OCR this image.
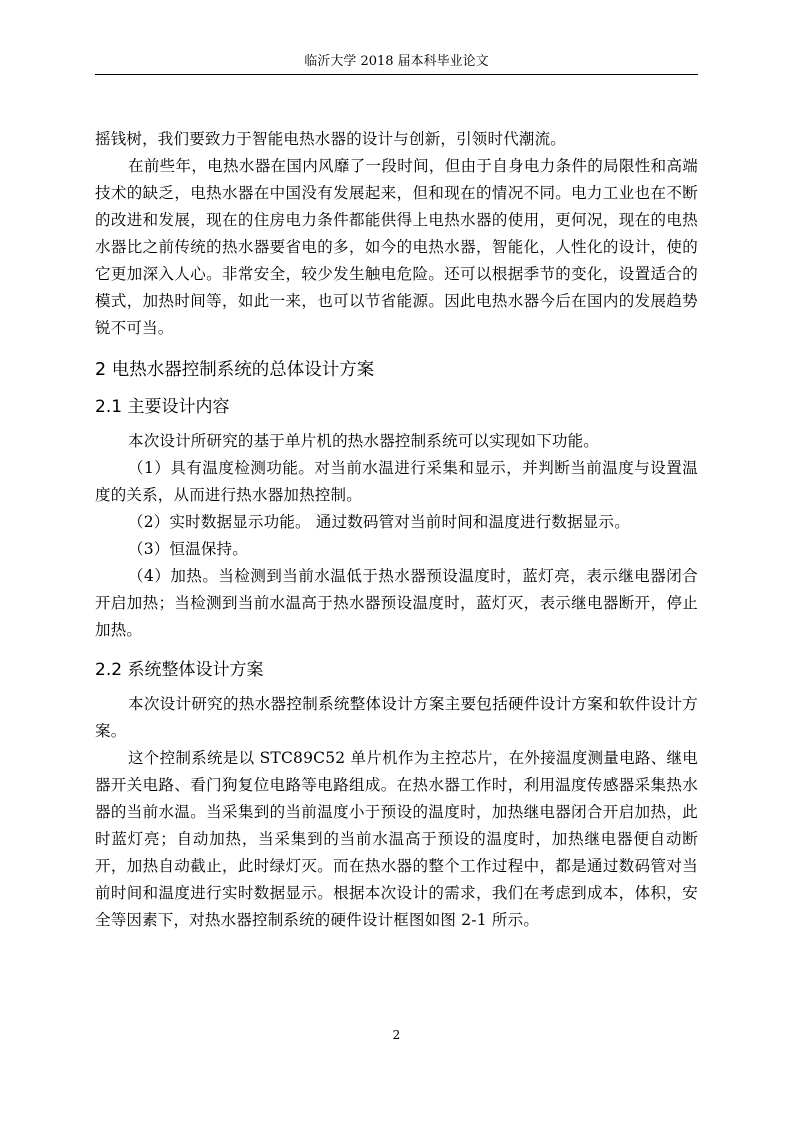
临沂大学 2018 届本科毕业论文

摇钱树，我们要致力于智能电热水器的设计与创新，引领时代潮流。

在前些年，电热水器在国内风靡了一段时间，但由于自身电力条件的局限性和高端技术的缺乏，电热水器在中国没有发展起来，但和现在的情况不同。电力工业也在不断的改进和发展，现在的住房电力条件都能供得上电热水器的使用，更何况，现在的电热水器比之前传统的热水器要省电的多，如今的电热水器，智能化，人性化的设计，使的它更加深入人心。非常安全，较少发生触电危险。还可以根据季节的变化，设置适合的模式，加热时间等，如此一来，也可以节省能源。因此电热水器今后在国内的发展趋势锐不可当。

2 电热水器控制系统的总体设计方案
2.1 主要设计内容

本次设计所研究的基于单片机的热水器控制系统可以实现如下功能。

（1）具有温度检测功能。对当前水温进行采集和显示，并判断当前温度与设置温度的关系，从而进行热水器加热控制。

（2）实时数据显示功能。 通过数码管对当前时间和温度进行数据显示。

（3）恒温保持。

（4）加热。当检测到当前水温低于热水器预设温度时，蓝灯亮，表示继电器闭合开启加热；当检测到当前水温高于热水器预设温度时，蓝灯灭，表示继电器断开，停止加热。

2.2 系统整体设计方案

本次设计研究的热水器控制系统整体设计方案主要包括硬件设计方案和软件设计方案。

这个控制系统是以 STC89C52 单片机作为主控芯片，在外接温度测量电路、继电器开关电路、看门狗复位电路等电路组成。在热水器工作时，利用温度传感器采集热水器的当前水温。当采集到的当前温度小于预设的温度时，加热继电器闭合开启加热，此时蓝灯亮；自动加热，当采集到的当前水温高于预设的温度时，加热继电器便自动断开，加热自动截止，此时绿灯灭。而在热水器的整个工作过程中，都是通过数码管对当前时间和温度进行实时数据显示。根据本次设计的需求，我们在考虑到成本，体积，安全等因素下，对热水器控制系统的硬件设计框图如图 2-1 所示。

2
